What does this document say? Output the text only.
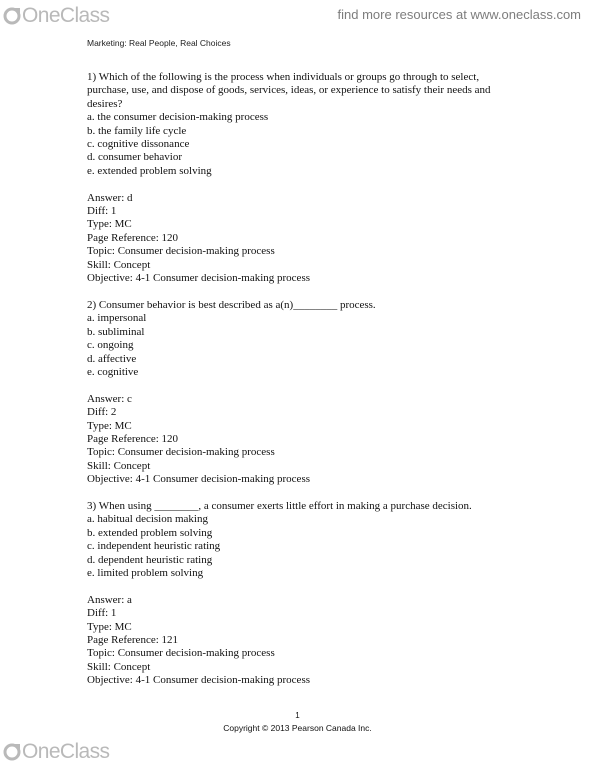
OneClass	find more resources at www.oneclass.com
Marketing: Real People, Real Choices
1) Which of the following is the process when individuals or groups go through to select, purchase, use, and dispose of goods, services, ideas, or experience to satisfy their needs and desires?
a. the consumer decision-making process
b. the family life cycle
c. cognitive dissonance
d. consumer behavior
e. extended problem solving
Answer: d
Diff: 1
Type: MC
Page Reference: 120
Topic: Consumer decision-making process
Skill: Concept
Objective: 4-1 Consumer decision-making process
2) Consumer behavior is best described as a(n)________ process.
a. impersonal
b. subliminal
c. ongoing
d. affective
e. cognitive
Answer: c
Diff: 2
Type: MC
Page Reference: 120
Topic: Consumer decision-making process
Skill: Concept
Objective: 4-1 Consumer decision-making process
3) When using ________, a consumer exerts little effort in making a purchase decision.
a. habitual decision making
b. extended problem solving
c. independent heuristic rating
d. dependent heuristic rating
e. limited problem solving
Answer: a
Diff: 1
Type: MC
Page Reference: 121
Topic: Consumer decision-making process
Skill: Concept
Objective: 4-1 Consumer decision-making process
1
Copyright © 2013 Pearson Canada Inc.
OneClass
